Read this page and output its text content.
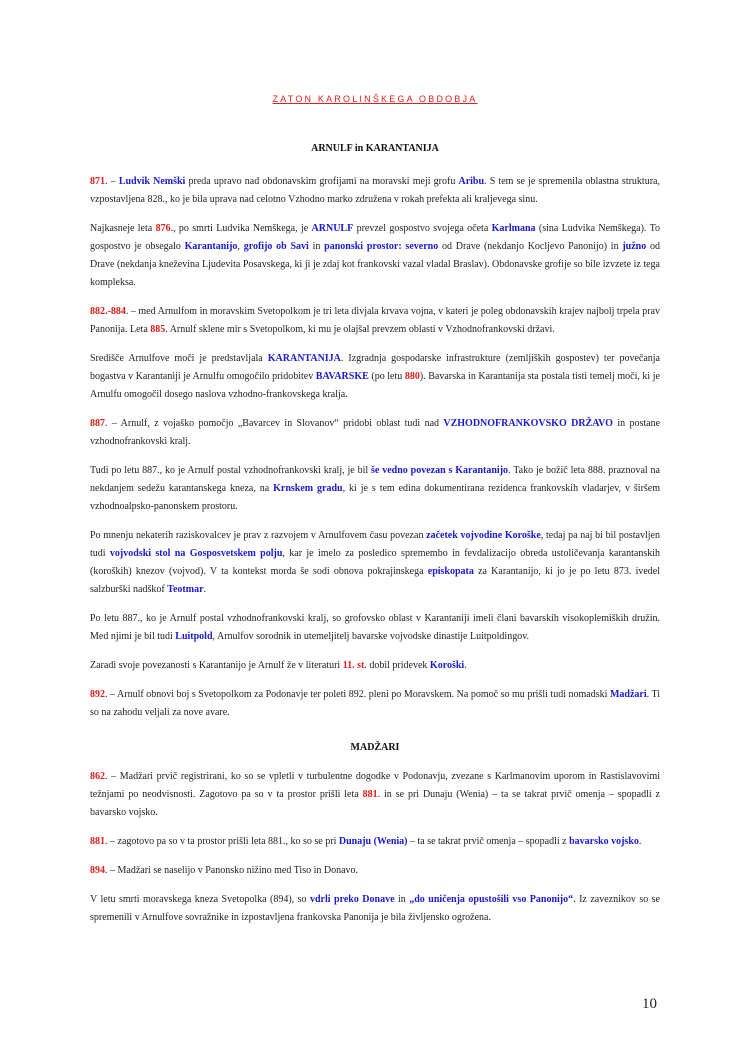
ZATON KAROLINŠKEGA OBDOBJA
ARNULF in KARANTANIJA

871. – Ludvik Nemški preda upravo nad obdonavskim grofijami na moravski meji grofu Aribu. S tem se je spremenila oblastna struktura, vzpostavljena 828., ko je bila uprava nad celotno Vzhodno marko združena v rokah prefekta ali kraljevega sinu.

Najkasneje leta 876., po smrti Ludvika Nemškega, je ARNULF prevzel gospostvo svojega očeta Karlmana (sina Ludvika Nemškega). To gospostvo je obsegalo Karantanijo, grofijo ob Savi in panonski prostor: severno od Drave (nekdanjo Kocljevo Panonijo) in južno od Drave (nekdanja kneževina Ljudevita Posavskega, ki ji je zdaj kot frankovski vazal vladal Braslav). Obdonavske grofije so bile izvzete iz tega kompleksa.

882.-884. – med Arnulfom in moravskim Svetopolkom je tri leta divjala krvava vojna, v kateri je poleg obdonavskih krajev najbolj trpela prav Panonija. Leta 885. Arnulf sklene mir s Svetopolkom, ki mu je olajšal prevzem oblasti v Vzhodnofrankovski državi.

Središče Arnulfove moči je predstavljala KARANTANIJA. Izgradnja gospodarske infrastrukture (zemljiških gospostev) ter povečanja bogastva v Karantaniji je Arnulfu omogočilo pridobitev BAVARSKE (po letu 880). Bavarska in Karantanija sta postala tisti temelj moči, ki je Arnulfu omogočil dosego naslova vzhodno-frankovskega kralja.

887. – Arnulf, z vojaško pomočjo „Bavarcev in Slovanov“ pridobi oblast tudi nad VZHODNOFRANKOVSKO DRŽAVO in postane vzhodnofrankovski kralj.

Tudi po letu 887., ko je Arnulf postal vzhodnofrankovski kralj, je bil še vedno povezan s Karantanijo. Tako je božič leta 888. praznoval na nekdanjem sedežu karantanskega kneza, na Krnskem gradu, ki je s tem edina dokumentirana rezidenca frankovskih vladarjev, v širšem vzhodnoalpsko-panonskem prostoru.

Po mnenju nekaterih raziskovalcev je prav z razvojem v Arnulfovem času povezan začetek vojvodine Koroške, tedaj pa naj bi bil postavljen tudi vojvodski stol na Gosposvetskem polju, kar je imelo za posledico spremembo in fevdalizacijo obreda ustoličevanja karantanskih (koroških) knezov (vojvod). V ta kontekst morda še sodi obnova pokrajinskega episkopata za Karantanijo, ki jo je po letu 873. ivedel salzburški nadškof Teotmar.

Po letu 887., ko je Arnulf postal vzhodnofrankovski kralj, so grofovsko oblast v Karantaniji imeli člani bavarskih visokoplemiških družin. Med njimi je bil tudi Luitpold, Arnulfov sorodnik in utemeljitelj bavarske vojvodske dinastije Luitpoldingov.

Zaradi svoje povezanosti s Karantanijo je Arnulf že v literaturi 11. st. dobil pridevek Koroški.

892. – Arnulf obnovi boj s Svetopolkom za Podonavje ter poleti 892. pleni po Moravskem. Na pomoč so mu prišli tudi nomadski Madžari. Ti so na zahodu veljali za nove avare.

MADŽARI

862. – Madžari prvič registrirani, ko so se vpletli v turbulentne dogodke v Podonavju, zvezane s Karlmanovim uporom in Rastislavovimi težnjami po neodvisnosti. Zagotovo pa so v ta prostor prišli leta 881. in se pri Dunaju (Wenia) – ta se takrat prvič omenja – spopadli z bavarsko vojsko.

881. – zagotovo pa so v ta prostor prišli leta 881., ko so se pri Dunaju (Wenia) – ta se takrat prvič omenja – spopadli z bavarsko vojsko.

894. – Madžari se naselijo v Panonsko nižino med Tiso in Donavo.

V letu smrti moravskega kneza Svetopolka (894), so vdrli preko Donave in „do uničenja opustošili vso Panonijo“. Iz zaveznikov so se spremenili v Arnulfove sovražnike in izpostavljena frankovska Panonija je bila življensko ogrožena.

10
